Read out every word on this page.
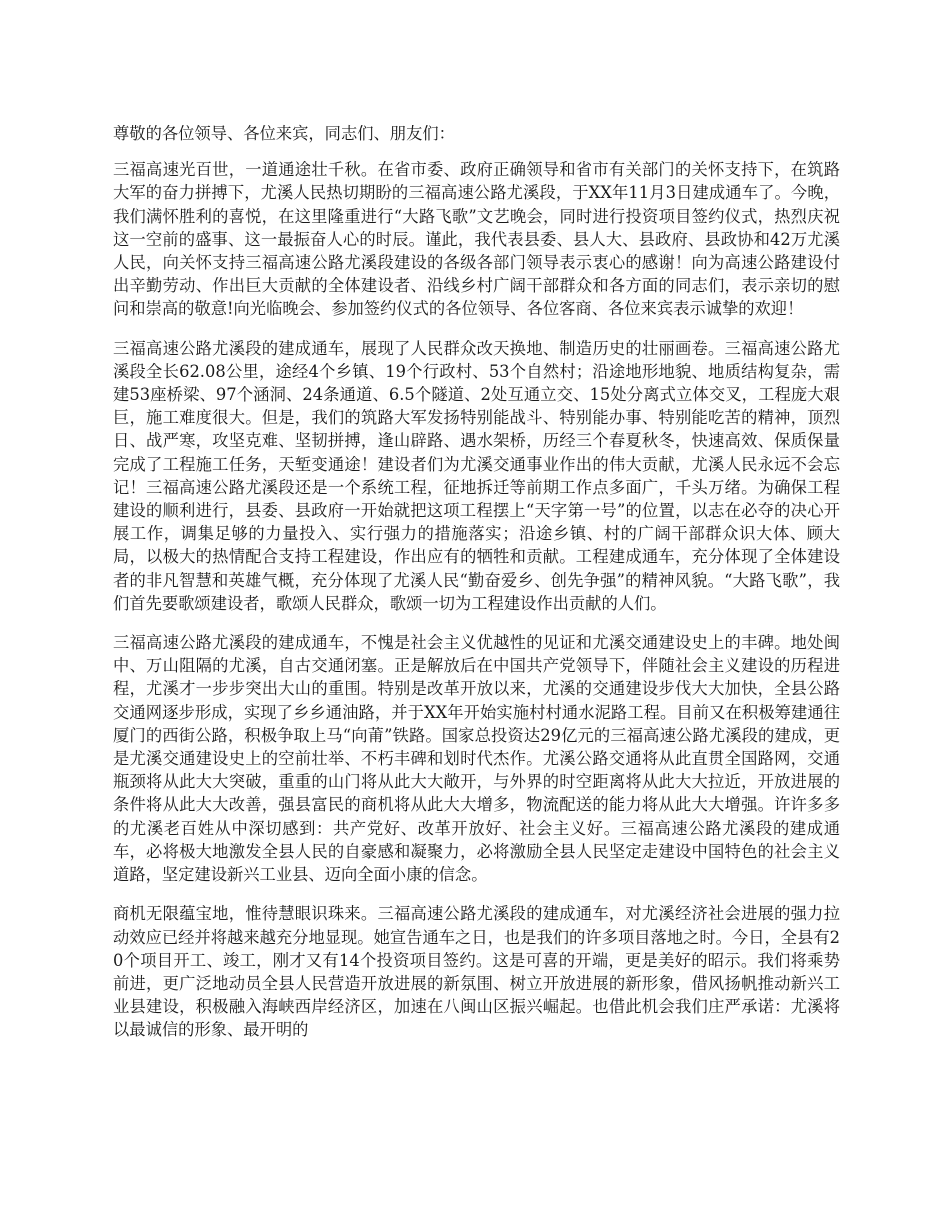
尊敬的各位领导、各位来宾，同志们、朋友们：

三福高速光百世，一道通途壮千秋。在省市委、政府正确领导和省市有关部门的关怀支持下，在筑路大军的奋力拼搏下，尤溪人民热切期盼的三福高速公路尤溪段，于XX年11月3日建成通车了。今晚，我们满怀胜利的喜悦，在这里隆重进行“大路飞歌”文艺晚会，同时进行投资项目签约仪式，热烈庆祝这一空前的盛事、这一最振奋人心的时辰。谨此，我代表县委、县人大、县政府、县政协和42万尤溪人民，向关怀支持三福高速公路尤溪段建设的各级各部门领导表示衷心的感谢！向为高速公路建设付出辛勤劳动、作出巨大贡献的全体建设者、沿线乡村广阔干部群众和各方面的同志们，表示亲切的慰问和崇高的敬意!向光临晚会、参加签约仪式的各位领导、各位客商、各位来宾表示诚挚的欢迎！

三福高速公路尤溪段的建成通车，展现了人民群众改天换地、制造历史的壮丽画卷。三福高速公路尤溪段全长62.08公里，途经4个乡镇、19个行政村、53个自然村；沿途地形地貌、地质结构复杂，需建53座桥梁、97个涵洞、24条通道、6.5个隧道、2处互通立交、15处分离式立体交叉，工程庞大艰巨，施工难度很大。但是，我们的筑路大军发扬特别能战斗、特别能办事、特别能吃苦的精神，顶烈日、战严寒，攻坚克难、坚韧拼搏，逢山辟路、遇水架桥，历经三个春夏秋冬，快速高效、保质保量完成了工程施工任务，天堑变通途！建设者们为尤溪交通事业作出的伟大贡献，尤溪人民永远不会忘记！三福高速公路尤溪段还是一个系统工程，征地拆迁等前期工作点多面广，千头万绪。为确保工程建设的顺利进行，县委、县政府一开始就把这项工程摆上“天字第一号”的位置，以志在必夺的决心开展工作，调集足够的力量投入、实行强力的措施落实；沿途乡镇、村的广阔干部群众识大体、顾大局，以极大的热情配合支持工程建设，作出应有的牺牲和贡献。工程建成通车，充分体现了全体建设者的非凡智慧和英雄气概，充分体现了尤溪人民“勤奋爱乡、创先争强”的精神风貌。“大路飞歌”，我们首先要歌颂建设者，歌颂人民群众，歌颂一切为工程建设作出贡献的人们。

三福高速公路尤溪段的建成通车，不愧是社会主义优越性的见证和尤溪交通建设史上的丰碑。地处闽中、万山阻隔的尤溪，自古交通闭塞。正是解放后在中国共产党领导下，伴随社会主义建设的历程进程，尤溪才一步步突出大山的重围。特别是改革开放以来，尤溪的交通建设步伐大大加快，全县公路交通网逐步形成，实现了乡乡通油路，并于XX年开始实施村村通水泥路工程。目前又在积极筹建通往厦门的西街公路，积极争取上马“向莆”铁路。国家总投资达29亿元的三福高速公路尤溪段的建成，更是尤溪交通建设史上的空前壮举、不朽丰碑和划时代杰作。尤溪公路交通将从此直贯全国路网，交通瓶颈将从此大大突破，重重的山门将从此大大敞开，与外界的时空距离将从此大大拉近，开放进展的条件将从此大大改善，强县富民的商机将从此大大增多，物流配送的能力将从此大大增强。许许多多的尤溪老百姓从中深切感到：共产党好、改革开放好、社会主义好。三福高速公路尤溪段的建成通车，必将极大地激发全县人民的自豪感和凝聚力，必将激励全县人民坚定走建设中国特色的社会主义道路，坚定建设新兴工业县、迈向全面小康的信念。

商机无限蕴宝地，惟待慧眼识珠来。三福高速公路尤溪段的建成通车，对尤溪经济社会进展的强力拉动效应已经并将越来越充分地显现。她宣告通车之日，也是我们的许多项目落地之时。今日，全县有20个项目开工、竣工，刚才又有14个投资项目签约。这是可喜的开端，更是美好的昭示。我们将乘势前进，更广泛地动员全县人民营造开放进展的新氛围、树立开放进展的新形象，借风扬帆推动新兴工业县建设，积极融入海峡西岸经济区，加速在八闽山区振兴崛起。也借此机会我们庄严承诺：尤溪将以最诚信的形象、最开明的
